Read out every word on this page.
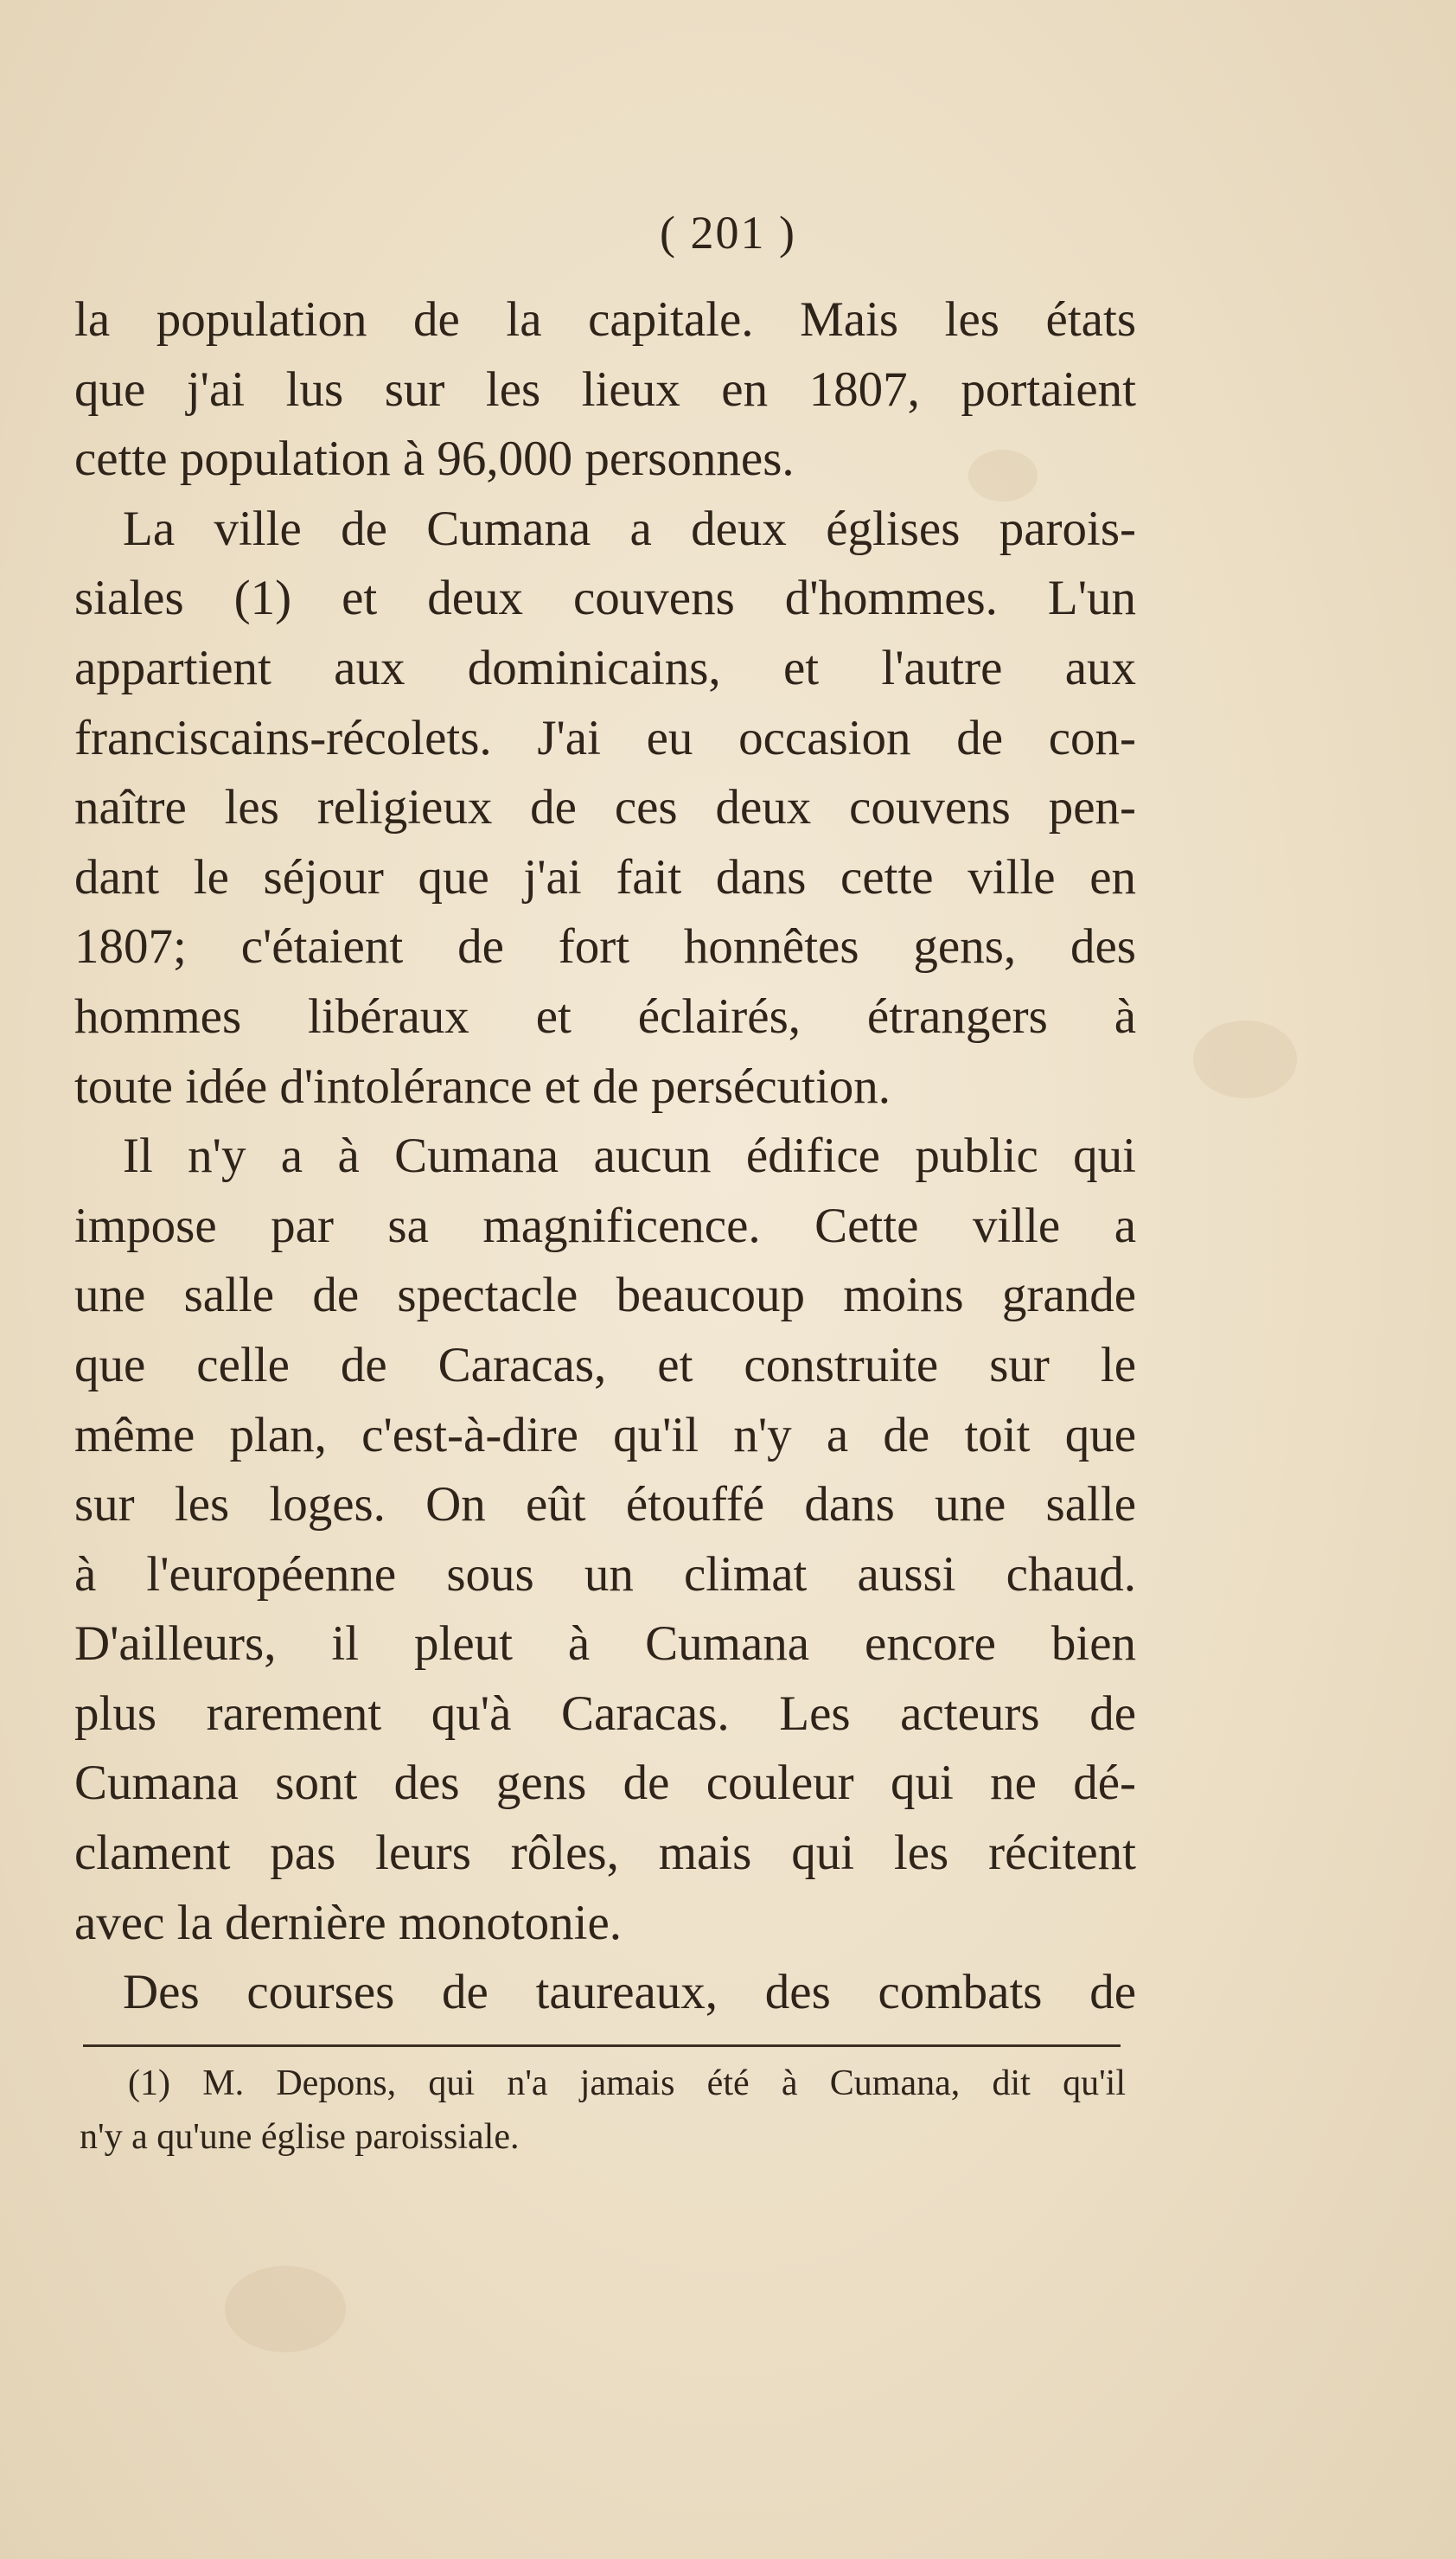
( 201 )
la population de la capitale. Mais les états
que j'ai lus sur les lieux en 1807, portaient
cette population à 96,000 personnes.
La ville de Cumana a deux églises parois-
siales (1) et deux couvens d'hommes. L'un
appartient aux dominicains, et l'autre aux
franciscains-récolets. J'ai eu occasion de con-
naître les religieux de ces deux couvens pen-
dant le séjour que j'ai fait dans cette ville en
1807; c'étaient de fort honnêtes gens, des
hommes libéraux et éclairés, étrangers à
toute idée d'intolérance et de persécution.
Il n'y a à Cumana aucun édifice public qui
impose par sa magnificence. Cette ville a
une salle de spectacle beaucoup moins grande
que celle de Caracas, et construite sur le
même plan, c'est-à-dire qu'il n'y a de toit que
sur les loges. On eût étouffé dans une salle
à l'européenne sous un climat aussi chaud.
D'ailleurs, il pleut à Cumana encore bien
plus rarement qu'à Caracas. Les acteurs de
Cumana sont des gens de couleur qui ne dé-
clament pas leurs rôles, mais qui les récitent
avec la dernière monotonie.
Des courses de taureaux, des combats de
(1) M. Depons, qui n'a jamais été à Cumana, dit qu'il
n'y a qu'une église paroissiale.
